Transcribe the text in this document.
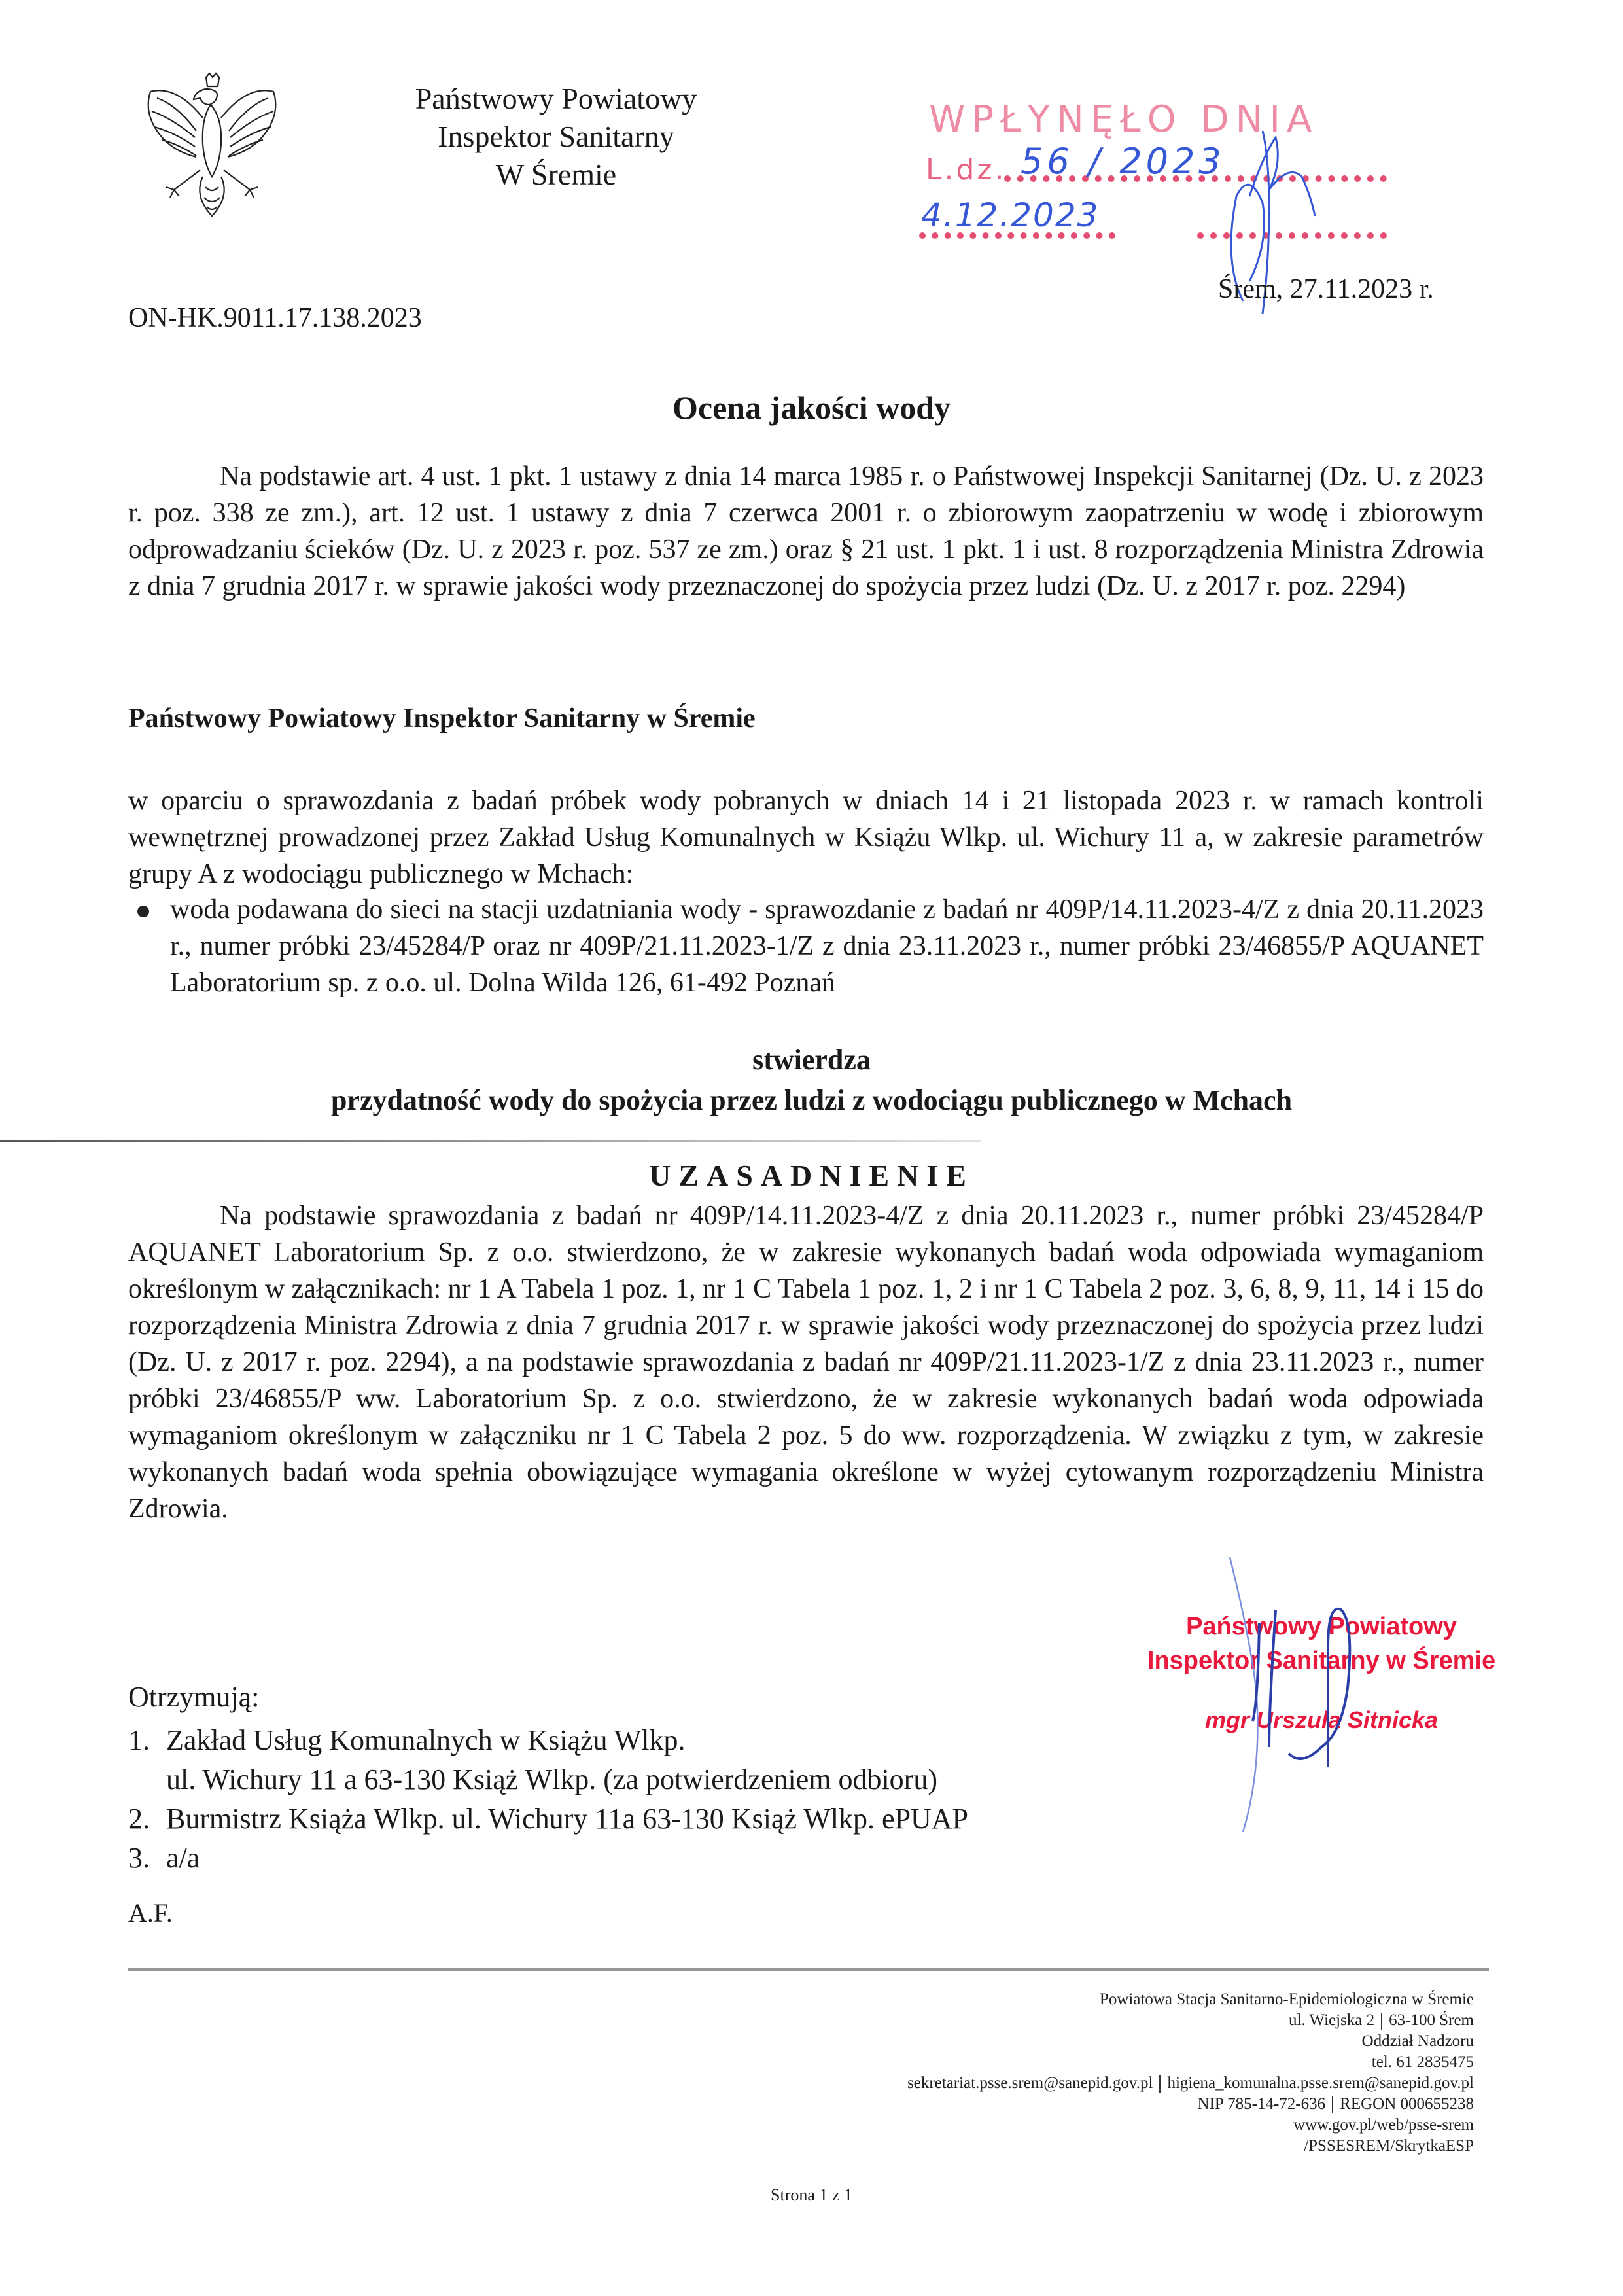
Państwowy Powiatowy
Inspektor Sanitarny
W Śremie
ON-HK.9011.17.138.2023
WPŁYNĘŁO DNIA
L.dz. 56 / 2023
4.12.2023
Śrem, 27.11.2023 r.
Ocena jakości wody

Na podstawie art. 4 ust. 1 pkt. 1 ustawy z dnia 14 marca 1985 r. o Państwowej Inspekcji Sanitarnej (Dz. U. z 2023 r. poz. 338 ze zm.), art. 12 ust. 1 ustawy z dnia 7 czerwca 2001 r. o zbiorowym zaopatrzeniu w wodę i zbiorowym odprowadzaniu ścieków (Dz. U. z 2023 r. poz. 537 ze zm.) oraz § 21 ust. 1 pkt. 1 i ust. 8 rozporządzenia Ministra Zdrowia z dnia 7 grudnia 2017 r. w sprawie jakości wody przeznaczonej do spożycia przez ludzi (Dz. U. z 2017 r. poz. 2294)

Państwowy Powiatowy Inspektor Sanitarny w Śremie

w oparciu o sprawozdania z badań próbek wody pobranych w dniach 14 i 21 listopada 2023 r. w ramach kontroli wewnętrznej prowadzonej przez Zakład Usług Komunalnych w Książu Wlkp. ul. Wichury 11 a, w zakresie parametrów grupy A z wodociągu publicznego w Mchach:

woda podawana do sieci na stacji uzdatniania wody - sprawozdanie z badań nr 409P/14.11.2023-4/Z z dnia 20.11.2023 r., numer próbki 23/45284/P oraz nr 409P/21.11.2023-1/Z z dnia 23.11.2023 r., numer próbki 23/46855/P AQUANET Laboratorium sp. z o.o. ul. Dolna Wilda 126, 61-492 Poznań
stwierdza
przydatność wody do spożycia przez ludzi z wodociągu publicznego w Mchach
UZASADNIENIE

Na podstawie sprawozdania z badań nr 409P/14.11.2023-4/Z z dnia 20.11.2023 r., numer próbki 23/45284/P AQUANET Laboratorium Sp. z o.o. stwierdzono, że w zakresie wykonanych badań woda odpowiada wymaganiom określonym w załącznikach: nr 1 A Tabela 1 poz. 1, nr 1 C Tabela 1 poz. 1, 2 i nr 1 C Tabela 2 poz. 3, 6, 8, 9, 11, 14 i 15 do rozporządzenia Ministra Zdrowia z dnia 7 grudnia 2017 r. w sprawie jakości wody przeznaczonej do spożycia przez ludzi (Dz. U. z 2017 r. poz. 2294), a na podstawie sprawozdania z badań nr 409P/21.11.2023-1/Z z dnia 23.11.2023 r., numer próbki 23/46855/P ww. Laboratorium Sp. z o.o. stwierdzono, że w zakresie wykonanych badań woda odpowiada wymaganiom określonym w załączniku nr 1 C Tabela 2 poz. 5 do ww. rozporządzenia. W związku z tym, w zakresie wykonanych badań woda spełnia obowiązujące wymagania określone w wyżej cytowanym rozporządzeniu Ministra Zdrowia.

Państwowy Powiatowy
Inspektor Sanitarny w Śremie
mgr Urszula Sitnicka
Otrzymują:
1. Zakład Usług Komunalnych w Książu Wlkp.
ul. Wichury 11 a 63-130 Książ Wlkp. (za potwierdzeniem odbioru)
2. Burmistrz Książa Wlkp. ul. Wichury 11a 63-130 Książ Wlkp. ePUAP
3. a/a
A.F.
Powiatowa Stacja Sanitarno-Epidemiologiczna w Śremie
ul. Wiejska 2 63-100 Śrem
Oddział Nadzoru
tel. 61 2835475
sekretariat.psse.srem@sanepid.gov.pl higiena_komunalna.psse.srem@sanepid.gov.pl
NIP 785-14-72-636 REGON 000655238
www.gov.pl/web/psse-srem
/PSSESREM/SkrytkaESP
Strona 1 z 1
